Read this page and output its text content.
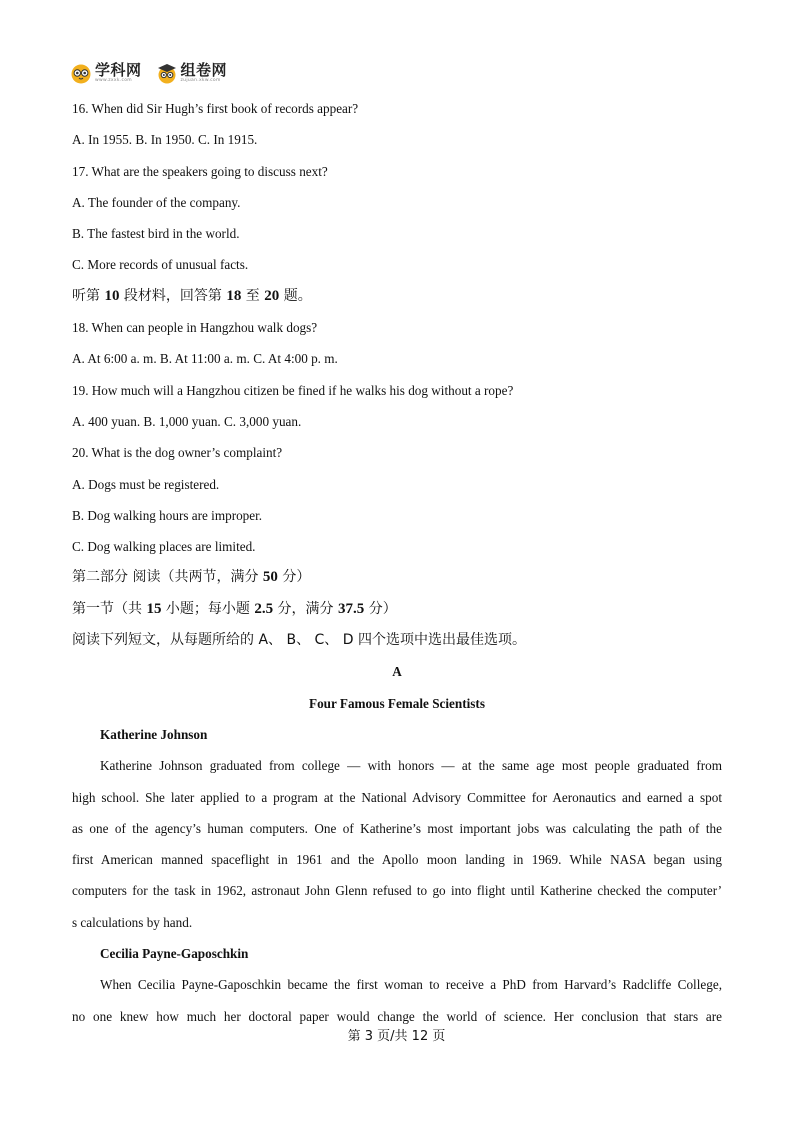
学科网
www.zxxk.com
组卷网
zujuan.xkw.com
16. When did Sir Hugh’s first book of records appear?
A. In 1955. B. In 1950. C. In 1915.
17. What are the speakers going to discuss next?
A. The founder of the company.
B. The fastest bird in the world.
C. More records of unusual facts.
听第 10 段材料，回答第 18 至 20 题。
18. When can people in Hangzhou walk dogs?
A. At 6:00 a. m. B. At 11:00 a. m. C. At 4:00 p. m.
19. How much will a Hangzhou citizen be fined if he walks his dog without a rope?
A. 400 yuan. B. 1,000 yuan. C. 3,000 yuan.
20. What is the dog owner’s complaint?
A. Dogs must be registered.
B. Dog walking hours are improper.
C. Dog walking places are limited.
第二部分 阅读（共两节，满分 50 分）
第一节（共 15 小题；每小题 2.5 分，满分 37.5 分）
阅读下列短文，从每题所给的 A、 B、 C、 D 四个选项中选出最佳选项。
A
Four Famous Female Scientists
Katherine Johnson
Katherine Johnson graduated from college — with honors — at the same age most people graduated from
high school. She later applied to a program at the National Advisory Committee for Aeronautics and earned a spot
as one of the agency’s human computers. One of Katherine’s most important jobs was calculating the path of the
first American manned spaceflight in 1961 and the Apollo moon landing in 1969. While NASA began using
computers for the task in 1962, astronaut John Glenn refused to go into flight until Katherine checked the computer’
s calculations by hand.
Cecilia Payne-Gaposchkin
When Cecilia Payne-Gaposchkin became the first woman to receive a PhD from Harvard’s Radcliffe College,
no one knew how much her doctoral paper would change the world of science. Her conclusion that stars are
第 3 页/共 12 页
